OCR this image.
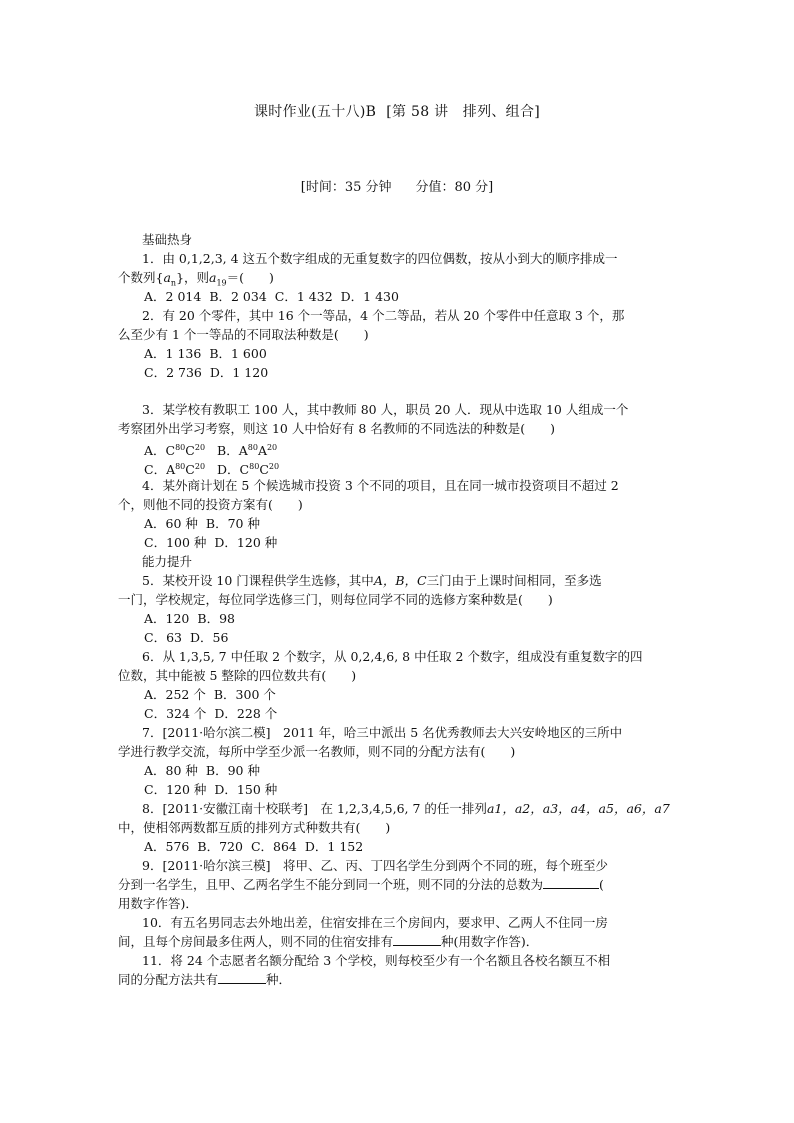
课时作业(五十八)B [第 58 讲　排列、组合]
[时间：35 分钟 分值：80 分]
基础热身
1．由 0,1,2,3, 4 这五个数字组成的无重复数字的四位偶数，按从小到大的顺序排成一
个数列$\{a_n\}$，则$a_{19}=$(　　)
A．2 014 B．2 034 C．1 432 D．1 430
2．有 20 个零件，其中 16 个一等品，4 个二等品，若从 20 个零件中任意取 3 个，那
么至少有 1 个一等品的不同取法种数是(　　)
A．1 136 B．1 600
C．2 736 D．1 120
3．某学校有教职工 100 人，其中教师 80 人，职员 20 人．现从中选取 10 人组成一个
考察团外出学习考察，则这 10 人中恰好有 8 名教师的不同选法的种数是(　　)
A．$C^{80}C^{20}$ B．$A^{80}A^{20}$
C．$A^{80}C^{20}$ D．$C^{80}C^{20}$
4．某外商计划在 5 个候选城市投资 3 个不同的项目，且在同一城市投资项目不超过 2
个，则他不同的投资方案有(　　)
A．60 种 B．70 种
C．100 种 D．120 种
能力提升
5．某校开设 10 门课程供学生选修，其中A，B，C三门由于上课时间相同，至多选
一门，学校规定，每位同学选修三门，则每位同学不同的选修方案种数是(　　)
A．120 B．98
C．63 D．56
6．从 1,3,5, 7 中任取 2 个数字，从 0,2,4,6, 8 中任取 2 个数字，组成没有重复数字的四
位数，其中能被 5 整除的四位数共有(　　)
A．252 个 B．300 个
C．324 个 D．228 个
7．[2011·哈尔滨二模]　2011 年，哈三中派出 5 名优秀教师去大兴安岭地区的三所中
学进行教学交流，每所中学至少派一名教师，则不同的分配方法有(　　)
A．80 种 B．90 种
C．120 种 D．150 种
8．[2011·安徽江南十校联考]　在 1,2,3,4,5,6, 7 的任一排列a1，a2，a3，a4，a5，a6，a7
中，使相邻两数都互质的排列方式种数共有(　　)
A．576 B．720 C．864 D．1 152
9．[2011·哈尔滨三模]　将甲、乙、丙、丁四名学生分到两个不同的班，每个班至少
分到一名学生，且甲、乙两名学生不能分到同一个班，则不同的分法的总数为	(
用数字作答)．
10．有五名男同志去外地出差，住宿安排在三个房间内，要求甲、乙两人不住同一房
间，且每个房间最多住两人，则不同的住宿安排有	种(用数字作答)．
11．将 24 个志愿者名额分配给 3 个学校，则每校至少有一个名额且各校名额互不相
同的分配方法共有	种．
